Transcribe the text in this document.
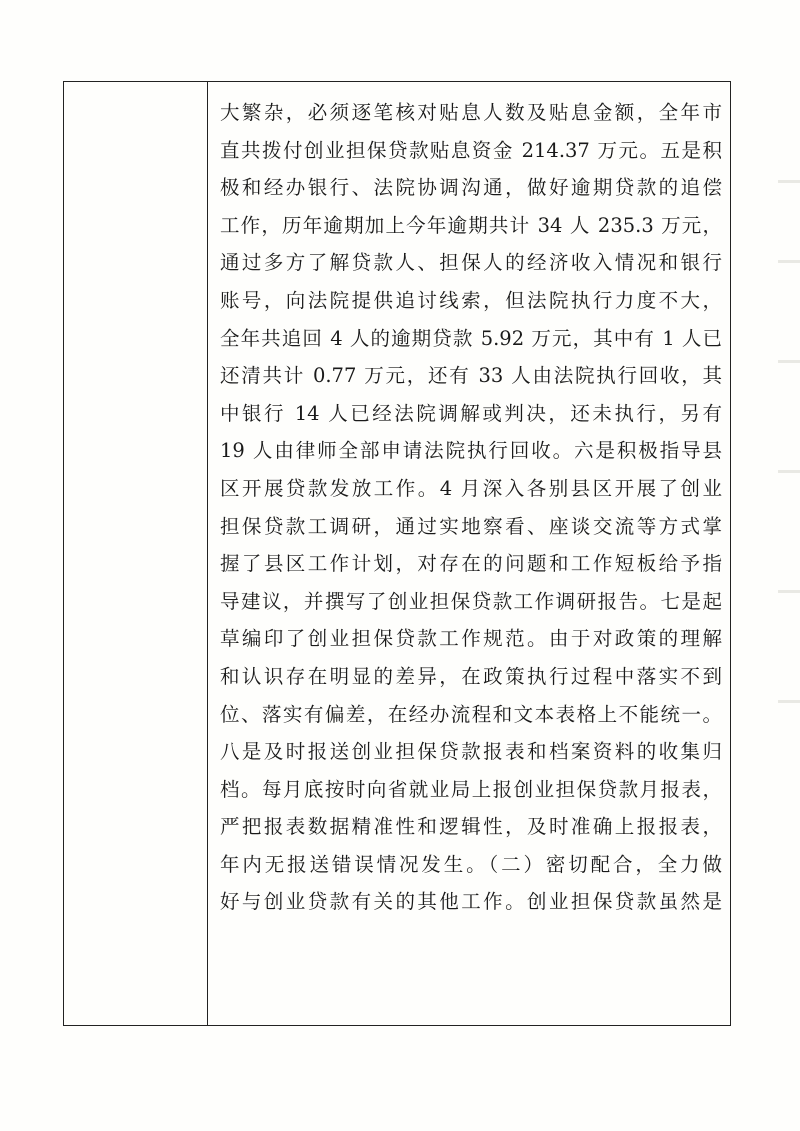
大繁杂，必须逐笔核对贴息人数及贴息金额，全年市
直共拨付创业担保贷款贴息资金 214.37 万元。五是积
极和经办银行、法院协调沟通，做好逾期贷款的追偿
工作，历年逾期加上今年逾期共计 34 人 235.3 万元，
通过多方了解贷款人、担保人的经济收入情况和银行
账号，向法院提供追讨线索，但法院执行力度不大，
全年共追回 4 人的逾期贷款 5.92 万元，其中有 1 人已
还清共计 0.77 万元，还有 33 人由法院执行回收，其
中银行 14 人已经法院调解或判决，还未执行，另有
19 人由律师全部申请法院执行回收。六是积极指导县
区开展贷款发放工作。4 月深入各别县区开展了创业
担保贷款工调研，通过实地察看、座谈交流等方式掌
握了县区工作计划，对存在的问题和工作短板给予指
导建议，并撰写了创业担保贷款工作调研报告。七是起
草编印了创业担保贷款工作规范。由于对政策的理解
和认识存在明显的差异，在政策执行过程中落实不到
位、落实有偏差，在经办流程和文本表格上不能统一。
八是及时报送创业担保贷款报表和档案资料的收集归
档。每月底按时向省就业局上报创业担保贷款月报表，
严把报表数据精准性和逻辑性，及时准确上报报表，
年内无报送错误情况发生。（二）密切配合，全力做
好与创业贷款有关的其他工作。创业担保贷款虽然是
